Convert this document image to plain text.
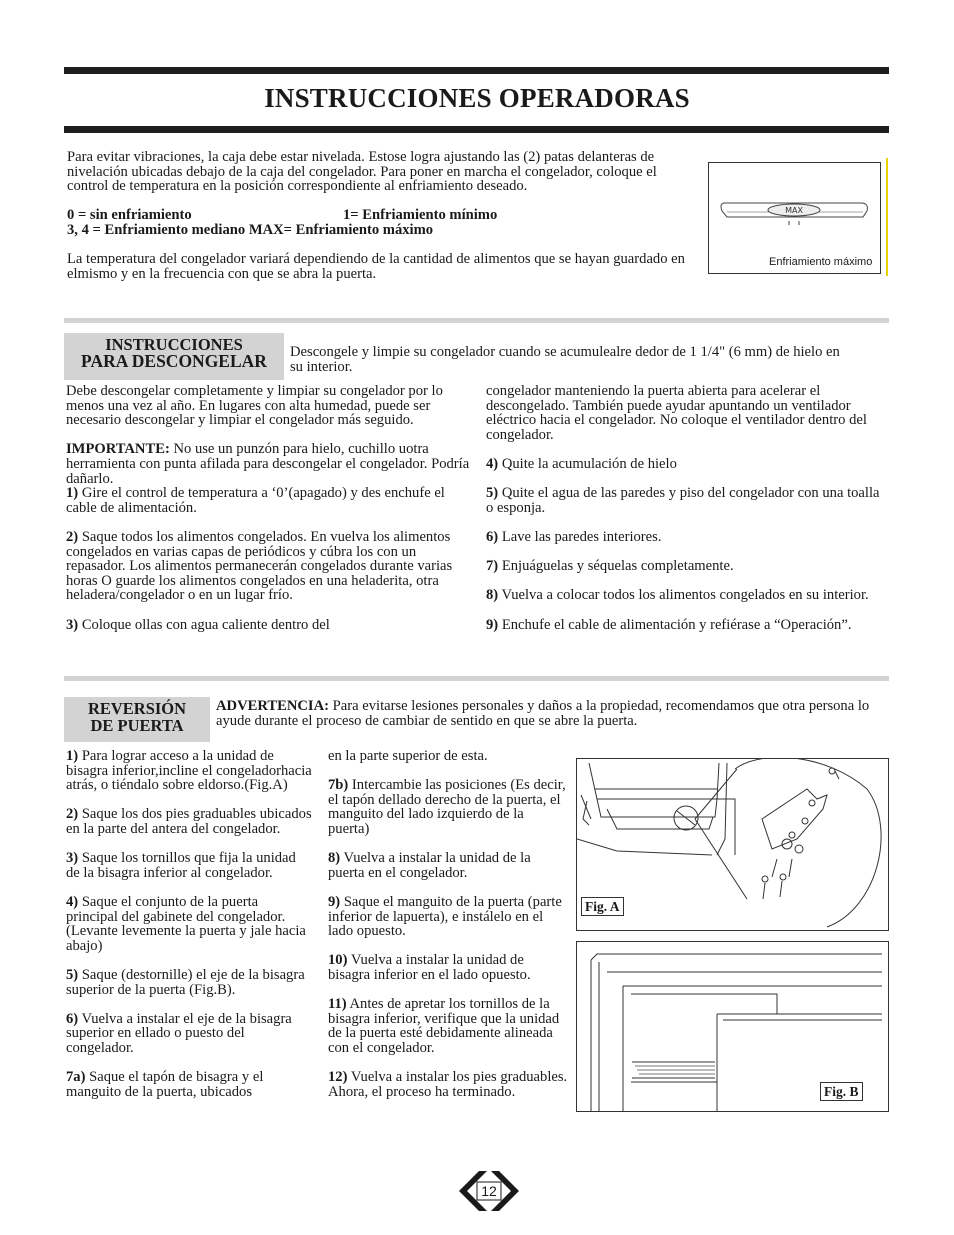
INSTRUCCIONES OPERADORAS

Para evitar vibraciones, la caja debe estar nivelada. Estose logra ajustando las (2) patas delanteras de nivelación ubicadas debajo de la caja del congelador. Para poner en marcha el congelador, coloque el control de temperatura en la posición correspondiente al enfriamiento deseado.

0 = sin enfriamiento	1= Enfriamiento mínimo

3, 4 = Enfriamiento mediano MAX= Enfriamiento máximo

La temperatura del congelador variará dependiendo de la cantidad de alimentos que se hayan guardado en elmismo y en la frecuencia con que se abra la puerta.

MAX
Enfriamiento máximo
INSTRUCCIONES
PARA DESCONGELAR	Descongele y limpie su congelador cuando se acumulealre dedor de 1 1/4" (6 mm) de hielo en su interior.

Debe descongelar completamente y limpiar su congelador por lo menos una vez al año. En lugares con alta humedad, puede ser necesario descongelar y limpiar el congelador más seguido.

IMPORTANTE: No use un punzón para hielo, cuchillo uotra herramienta con punta afilada para descongelar el congelador. Podría dañarlo.

1) Gire el control de temperatura a ‘0’(apagado) y des enchufe el cable de alimentación.

2) Saque todos los alimentos congelados. En vuelva los alimentos congelados en varias capas de periódicos y cúbra los con un repasador. Los alimentos permanecerán congelados durante varias horas O guarde los alimentos congelados en una heladerita, otra heladera/congelador o en un lugar frío.

3) Coloque ollas con agua caliente dentro del

congelador manteniendo la puerta abierta para acelerar el descongelado. También puede ayudar apuntando un ventilador eléctrico hacia el congelador. No coloque el ventilador dentro del congelador.

4) Quite la acumulación de hielo

5) Quite el agua de las paredes y piso del congelador con una toalla o esponja.

6) Lave las paredes interiores.

7) Enjuáguelas y séquelas completamente.

8) Vuelva a colocar todos los alimentos congelados en su interior.

9) Enchufe el cable de alimentación y refiérase a “Operación”.

REVERSIÓN
DE PUERTA
ADVERTENCIA: Para evitarse lesiones personales y daños a la propiedad, recomendamos que otra persona lo ayude durante el proceso de cambiar de sentido en que se abre la puerta.

1) Para lograr acceso a la unidad de bisagra inferior,incline el congeladorhacia atrás, o tiéndalo sobre eldorso.(Fig.A)

2) Saque los dos pies graduables ubicados en la parte del antera del congelador.

3) Saque los tornillos que fija la unidad de la bisagra inferior al congelador.

4) Saque el conjunto de la puerta principal del gabinete del congelador. (Levante levemente la puerta y jale hacia abajo)

5) Saque (destornille) el eje de la bisagra superior de la puerta (Fig.B).

6) Vuelva a instalar el eje de la bisagra superior en ellado o puesto del congelador.

7a) Saque el tapón de bisagra y el manguito de la puerta, ubicados

en la parte superior de esta.

7b) Intercambie las posiciones (Es decir, el tapón dellado derecho de la puerta, el manguito del lado izquierdo de la puerta)

8) Vuelva a instalar la unidad de la puerta en el congelador.

9) Saque el manguito de la puerta (parte inferior de lapuerta), e instálelo en el lado opuesto.

10) Vuelva a instalar la unidad de bisagra inferior en el lado opuesto.

11) Antes de apretar los tornillos de la bisagra inferior, verifique que la unidad de la puerta esté debidamente alineada con el congelador.

12) Vuelva a instalar los pies graduables. Ahora, el proceso ha terminado.

Fig. A
Fig. B
12
